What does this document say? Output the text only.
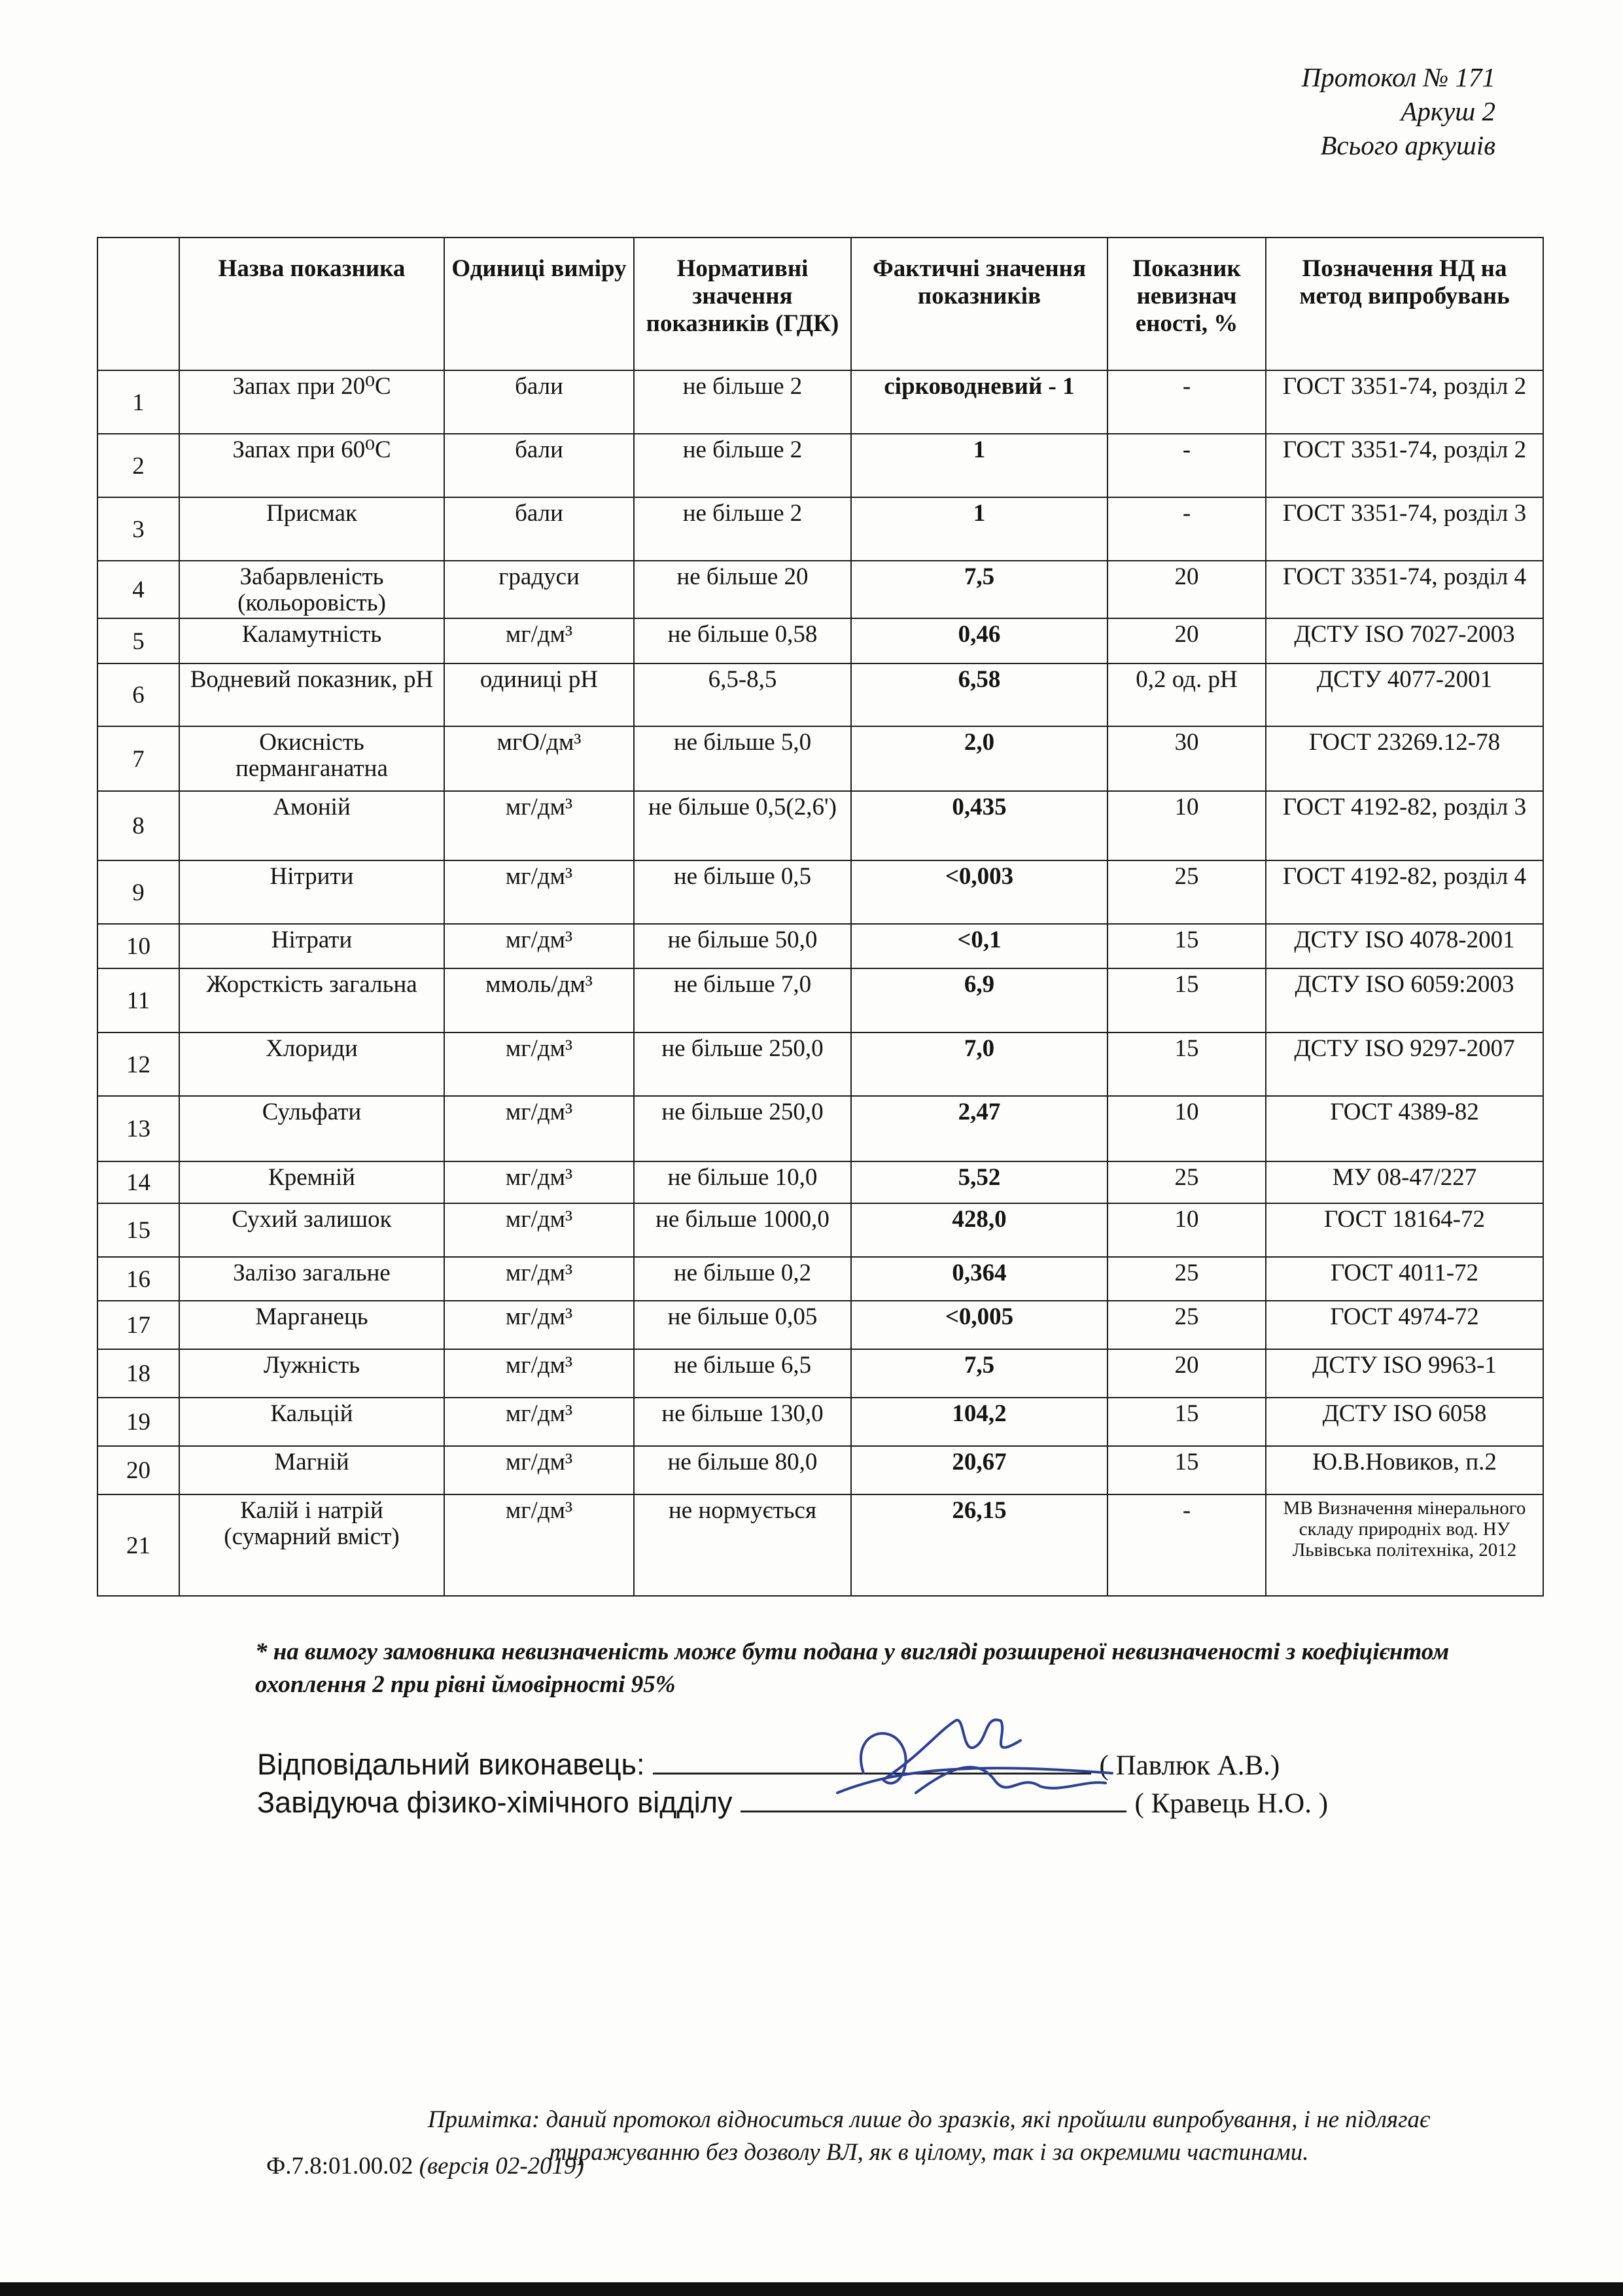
Протокол № 171
Аркуш 2
Всього аркушів
	Назва показника	Одиниці виміру	Нормативні значення показників (ГДК)	Фактичні значення показників	Показник невизнач еності, %	Позначення НД на метод випробувань
1	Запах при 20⁰С	бали	не більше 2	сірководневий - 1	-	ГОСТ 3351-74, розділ 2
2	Запах при 60⁰С	бали	не більше 2	1	-	ГОСТ 3351-74, розділ 2
3	Присмак	бали	не більше 2	1	-	ГОСТ 3351-74, розділ 3
4	Забарвленість (кольоровість)	градуси	не більше 20	7,5	20	ГОСТ 3351-74, розділ 4
5	Каламутність	мг/дм³	не більше 0,58	0,46	20	ДСТУ ISO 7027-2003
6	Водневий показник, рН	одиниці рН	6,5-8,5	6,58	0,2 од. рН	ДСТУ 4077-2001
7	Окисність перманганатна	мгО/дм³	не більше 5,0	2,0	30	ГОСТ 23269.12-78
8	Амоній	мг/дм³	не більше 0,5(2,6')	0,435	10	ГОСТ 4192-82, розділ 3
9	Нітрити	мг/дм³	не більше 0,5	<0,003	25	ГОСТ 4192-82, розділ 4
10	Нітрати	мг/дм³	не більше 50,0	<0,1	15	ДСТУ ISO 4078-2001
11	Жорсткість загальна	ммоль/дм³	не більше 7,0	6,9	15	ДСТУ ISO 6059:2003
12	Хлориди	мг/дм³	не більше 250,0	7,0	15	ДСТУ ISO 9297-2007
13	Сульфати	мг/дм³	не більше 250,0	2,47	10	ГОСТ 4389-82
14	Кремній	мг/дм³	не більше 10,0	5,52	25	МУ 08-47/227
15	Сухий залишок	мг/дм³	не більше 1000,0	428,0	10	ГОСТ 18164-72
16	Залізо загальне	мг/дм³	не більше 0,2	0,364	25	ГОСТ 4011-72
17	Марганець	мг/дм³	не більше 0,05	<0,005	25	ГОСТ 4974-72
18	Лужність	мг/дм³	не більше 6,5	7,5	20	ДСТУ ISO 9963-1
19	Кальцій	мг/дм³	не більше 130,0	104,2	15	ДСТУ ISO 6058
20	Магній	мг/дм³	не більше 80,0	20,67	15	Ю.В.Новиков, п.2
21	Калій і натрій (сумарний вміст)	мг/дм³	не нормується	26,15	-	МВ Визначення мінерального складу природніх вод. НУ Львівська політехніка, 2012
* на вимогу замовника невизначеність може бути подана у вигляді розширеної невизначеності з коефіцієнтом охоплення 2 при рівні ймовірності 95%
Відповідальний виконавець:	( Павлюк А.В.)
Завідуюча фізико-хімічного відділу	( Кравець Н.О. )
Примітка: даний протокол відноситься лише до зразків, які пройшли випробування, і не підлягає тиражуванню без дозволу ВЛ, як в цілому, так і за окремими частинами.
Ф.7.8:01.00.02 (версія 02-2019)
